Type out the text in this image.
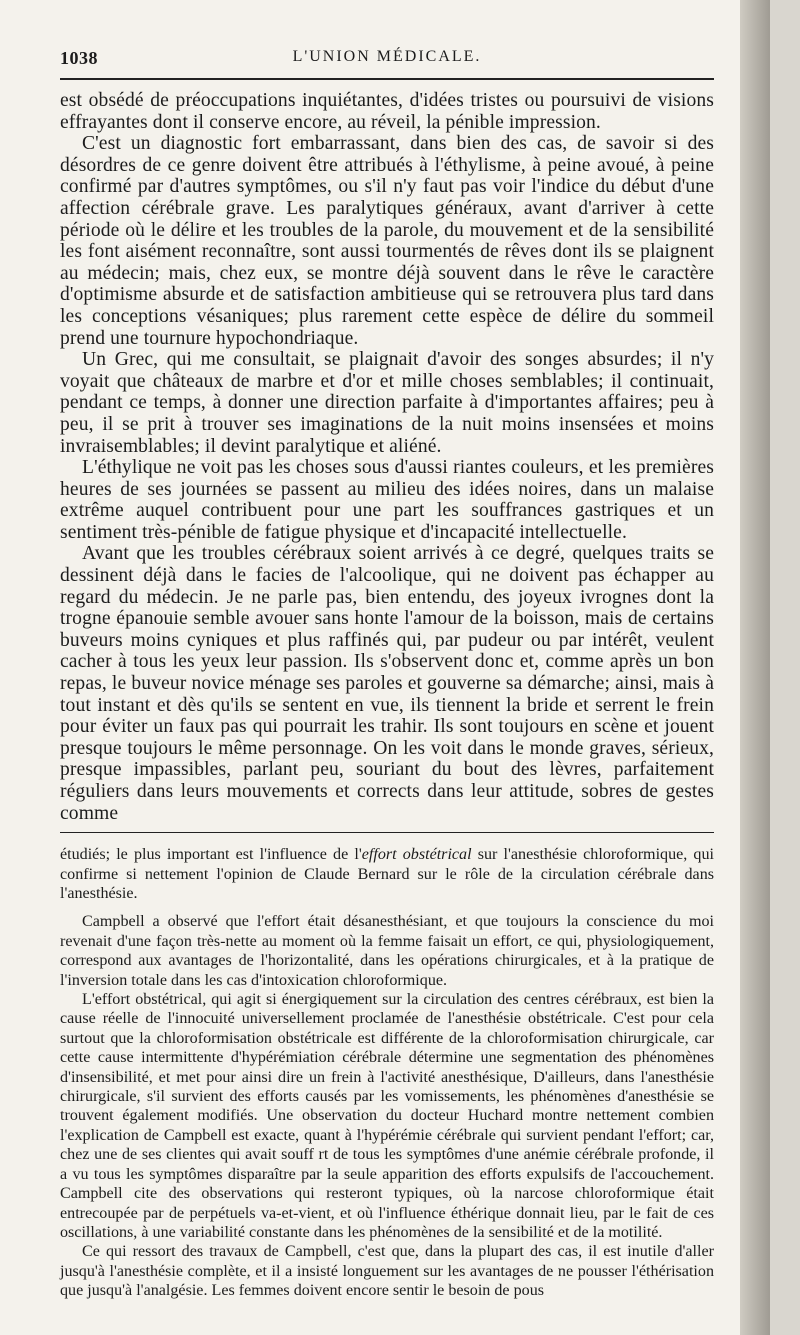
1038	L'UNION MÉDICALE.

est obsédé de préoccupations inquiétantes, d'idées tristes ou poursuivi de visions effrayantes dont il conserve encore, au réveil, la pénible impression.

C'est un diagnostic fort embarrassant, dans bien des cas, de savoir si des désordres de ce genre doivent être attribués à l'éthylisme, à peine avoué, à peine confirmé par d'autres symptômes, ou s'il n'y faut pas voir l'indice du début d'une affection cérébrale grave. Les paralytiques généraux, avant d'arriver à cette période où le délire et les troubles de la parole, du mouvement et de la sensibilité les font aisément reconnaître, sont aussi tourmentés de rêves dont ils se plaignent au médecin; mais, chez eux, se montre déjà souvent dans le rêve le caractère d'optimisme absurde et de satisfaction ambitieuse qui se retrouvera plus tard dans les conceptions vésaniques; plus rarement cette espèce de délire du sommeil prend une tournure hypochondriaque.

Un Grec, qui me consultait, se plaignait d'avoir des songes absurdes; il n'y voyait que châteaux de marbre et d'or et mille choses semblables; il continuait, pendant ce temps, à donner une direction parfaite à d'importantes affaires; peu à peu, il se prit à trouver ses imaginations de la nuit moins insensées et moins invraisemblables; il devint paralytique et aliéné.

L'éthylique ne voit pas les choses sous d'aussi riantes couleurs, et les premières heures de ses journées se passent au milieu des idées noires, dans un malaise extrême auquel contribuent pour une part les souffrances gastriques et un sentiment très-pénible de fatigue physique et d'incapacité intellectuelle.

Avant que les troubles cérébraux soient arrivés à ce degré, quelques traits se dessinent déjà dans le facies de l'alcoolique, qui ne doivent pas échapper au regard du médecin. Je ne parle pas, bien entendu, des joyeux ivrognes dont la trogne épanouie semble avouer sans honte l'amour de la boisson, mais de certains buveurs moins cyniques et plus raffinés qui, par pudeur ou par intérêt, veulent cacher à tous les yeux leur passion. Ils s'observent donc et, comme après un bon repas, le buveur novice ménage ses paroles et gouverne sa démarche; ainsi, mais à tout instant et dès qu'ils se sentent en vue, ils tiennent la bride et serrent le frein pour éviter un faux pas qui pourrait les trahir. Ils sont toujours en scène et jouent presque toujours le même personnage. On les voit dans le monde graves, sérieux, presque impassibles, parlant peu, souriant du bout des lèvres, parfaitement réguliers dans leurs mouvements et corrects dans leur attitude, sobres de gestes comme

étudiés; le plus important est l'influence de l'effort obstétrical sur l'anesthésie chloroformique, qui confirme si nettement l'opinion de Claude Bernard sur le rôle de la circulation cérébrale dans l'anesthésie.

Campbell a observé que l'effort était désanesthésiant, et que toujours la conscience du moi revenait d'une façon très-nette au moment où la femme faisait un effort, ce qui, physiologiquement, correspond aux avantages de l'horizontalité, dans les opérations chirurgicales, et à la pratique de l'inversion totale dans les cas d'intoxication chloroformique.

L'effort obstétrical, qui agit si énergiquement sur la circulation des centres cérébraux, est bien la cause réelle de l'innocuité universellement proclamée de l'anesthésie obstétricale. C'est pour cela surtout que la chloroformisation obstétricale est différente de la chloroformisation chirurgicale, car cette cause intermittente d'hypérémiation cérébrale détermine une segmentation des phénomènes d'insensibilité, et met pour ainsi dire un frein à l'activité anesthésique, D'ailleurs, dans l'anesthésie chirurgicale, s'il survient des efforts causés par les vomissements, les phénomènes d'anesthésie se trouvent également modifiés. Une observation du docteur Huchard montre nettement combien l'explication de Campbell est exacte, quant à l'hypérémie cérébrale qui survient pendant l'effort; car, chez une de ses clientes qui avait souff rt de tous les symptômes d'une anémie cérébrale profonde, il a vu tous les symptômes disparaître par la seule apparition des efforts expulsifs de l'accouchement. Campbell cite des observations qui resteront typiques, où la narcose chloroformique était entrecoupée par de perpétuels va-et-vient, et où l'influence éthérique donnait lieu, par le fait de ces oscillations, à une variabilité constante dans les phénomènes de la sensibilité et de la motilité.

Ce qui ressort des travaux de Campbell, c'est que, dans la plupart des cas, il est inutile d'aller jusqu'à l'anesthésie complète, et il a insisté longuement sur les avantages de ne pousser l'éthérisation que jusqu'à l'analgésie. Les femmes doivent encore sentir le besoin de pous
